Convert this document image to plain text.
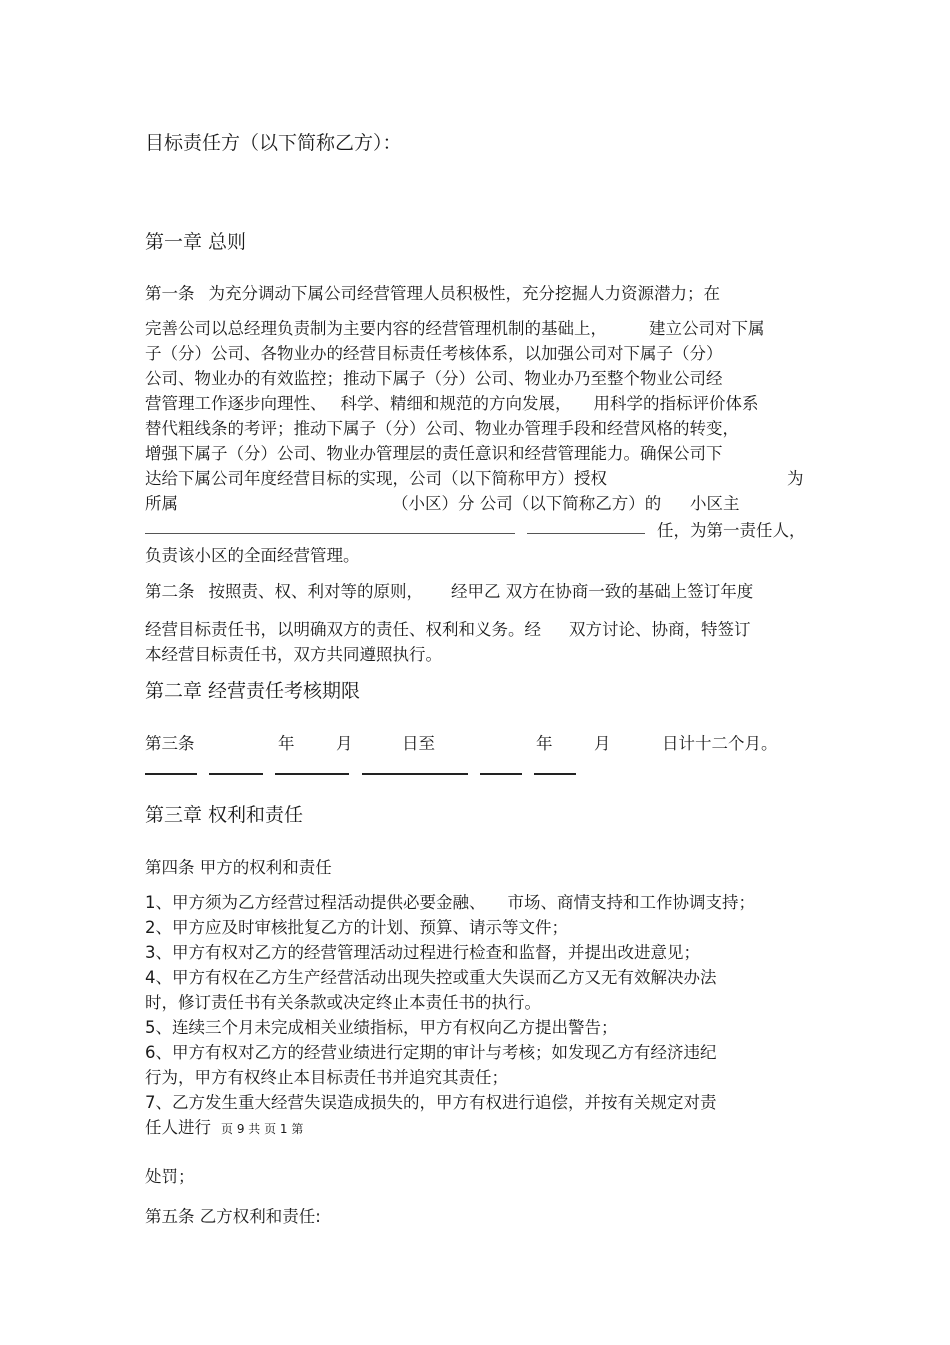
目标责任方（以下简称乙方）：
第一章 总则
第一条 为充分调动下属公司经营管理人员积极性，充分挖掘人力资源潜力；在
完善公司以总经理负责制为主要内容的经营管理机制的基础上，	建立公司对下属
子（分）公司、各物业办的经营目标责任考核体系，以加强公司对下属子（分）
公司、物业办的有效监控；推动下属子（分）公司、物业办乃至整个物业公司经
营管理工作逐步向理性、 科学、精细和规范的方向发展， 用科学的指标评价体系
替代粗线条的考评；推动下属子（分）公司、物业办管理手段和经营风格的转变，
增强下属子（分）公司、物业办管理层的责任意识和经营管理能力。确保公司下
达给下属公司年度经营目标的实现，公司（以下简称甲方）授权	为
所属	（小区）分 公司（以下简称乙方）的 小区主
任，为第一责任人，
负责该小区的全面经营管理。
第二条 按照责、权、利对等的原则， 经甲乙 双方在协商一致的基础上签订年度
经营目标责任书，以明确双方的责任、权利和义务。经 双方讨论、协商，特签订
本经营目标责任书，双方共同遵照执行。
第二章 经营责任考核期限
第三条	年	月	日至	年	月	日计十二个月。
第三章 权利和责任
第四条 甲方的权利和责任
1、甲方须为乙方经营过程活动提供必要金融、 市场、商情支持和工作协调支持；
2、甲方应及时审核批复乙方的计划、预算、请示等文件；
3、甲方有权对乙方的经营管理活动过程进行检查和监督，并提出改进意见；
4、甲方有权在乙方生产经营活动出现失控或重大失误而乙方又无有效解决办法
时，修订责任书有关条款或决定终止本责任书的执行。
5、连续三个月未完成相关业绩指标，甲方有权向乙方提出警告；
6、甲方有权对乙方的经营业绩进行定期的审计与考核；如发现乙方有经济违纪
行为，甲方有权终止本目标责任书并追究其责任；
7、乙方发生重大经营失误造成损失的，甲方有权进行追偿，并按有关规定对责
任人进行 页 9 共 页 1 第
处罚；
第五条 乙方权利和责任:
